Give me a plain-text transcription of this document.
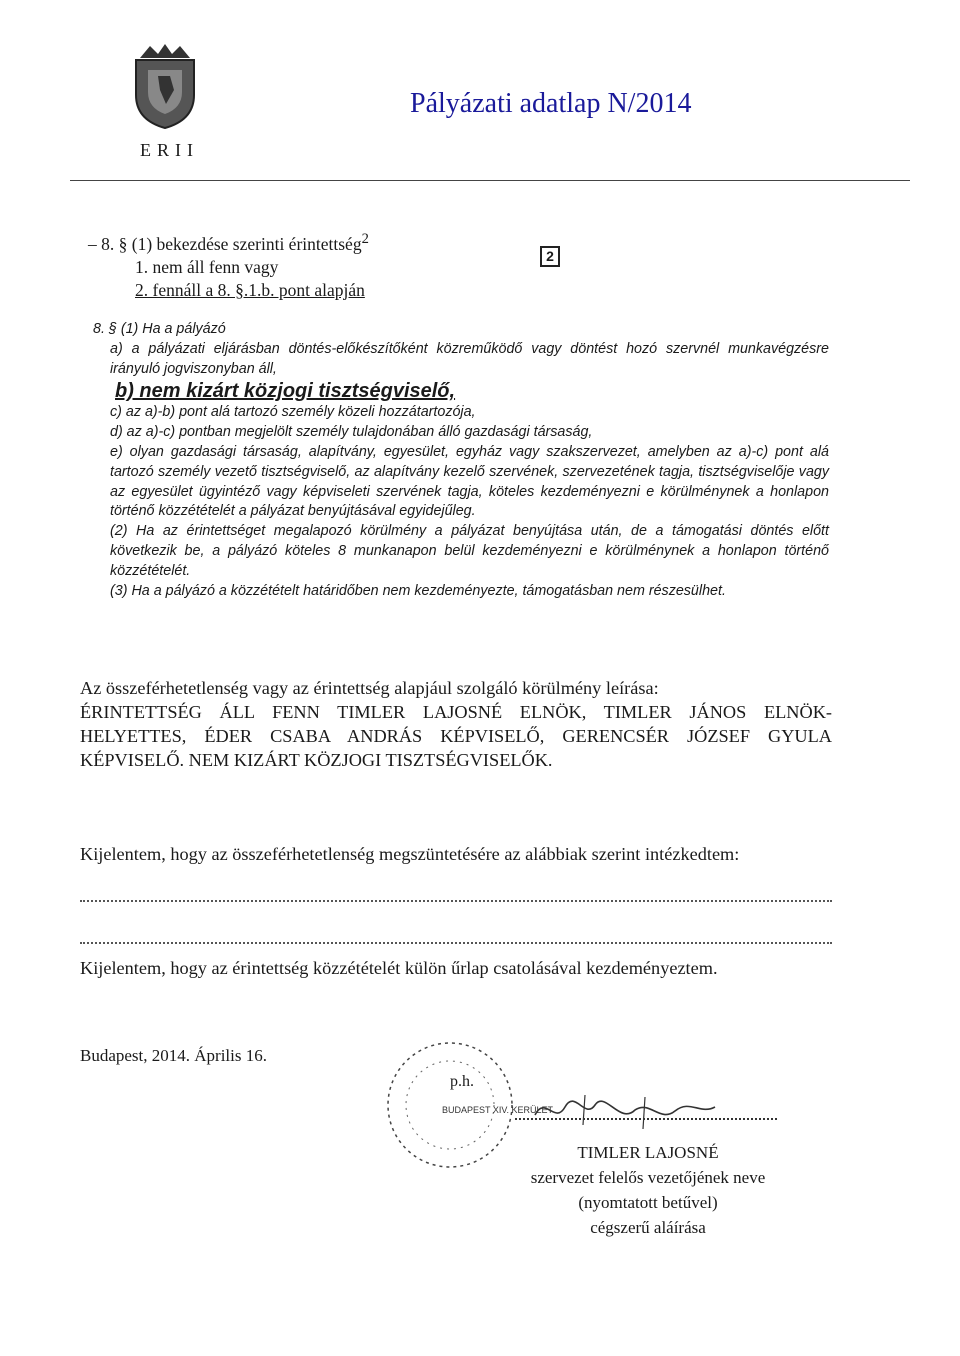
ERII
Pályázati adatlap N/2014
– 8. § (1) bekezdése szerinti érintettség$^2$
1. nem áll fenn vagy
2. fennáll a 8. §.1.b. pont alapján
2

8. § (1) Ha a pályázó

a) a pályázati eljárásban döntés-előkészítőként közreműködő vagy döntést hozó szervnél munkavégzésre irányuló jogviszonyban áll,

b) nem kizárt közjogi tisztségviselő,

c) az a)-b) pont alá tartozó személy közeli hozzátartozója,

d) az a)-c) pontban megjelölt személy tulajdonában álló gazdasági társaság,

e) olyan gazdasági társaság, alapítvány, egyesület, egyház vagy szakszervezet, amelyben az a)-c) pont alá tartozó személy vezető tisztségviselő, az alapítvány kezelő szervének, szervezetének tagja, tisztségviselője vagy az egyesület ügyintéző vagy képviseleti szervének tagja, köteles kezdeményezni e körülménynek a honlapon történő közzétételét a pályázat benyújtásával egyidejűleg.

(2) Ha az érintettséget megalapozó körülmény a pályázat benyújtása után, de a támogatási döntés előtt következik be, a pályázó köteles 8 munkanapon belül kezdeményezni e körülménynek a honlapon történő közzétételét.

(3) Ha a pályázó a közzétételt határidőben nem kezdeményezte, támogatásban nem részesülhet.

Az összeférhetetlenség vagy az érintettség alapjául szolgáló körülmény leírása:
ÉRINTETTSÉG ÁLL FENN TIMLER LAJOSNÉ ELNÖK, TIMLER JÁNOS ELNÖK-HELYETTES, ÉDER CSABA ANDRÁS KÉPVISELŐ, GERENCSÉR JÓZSEF GYULA KÉPVISELŐ. NEM KIZÁRT KÖZJOGI TISZTSÉGVISELŐK.
Kijelentem, hogy az összeférhetetlenség megszüntetésére az alábbiak szerint intézkedtem:
Kijelentem, hogy az érintettség közzétételét külön űrlap csatolásával kezdeményeztem.
Budapest, 2014. Április 16.
BUDAPEST XIV. KERÜLET
p.h.
TIMLER LAJOSNÉ
szervezet felelős vezetőjének neve
(nyomtatott betűvel)
cégszerű aláírása
